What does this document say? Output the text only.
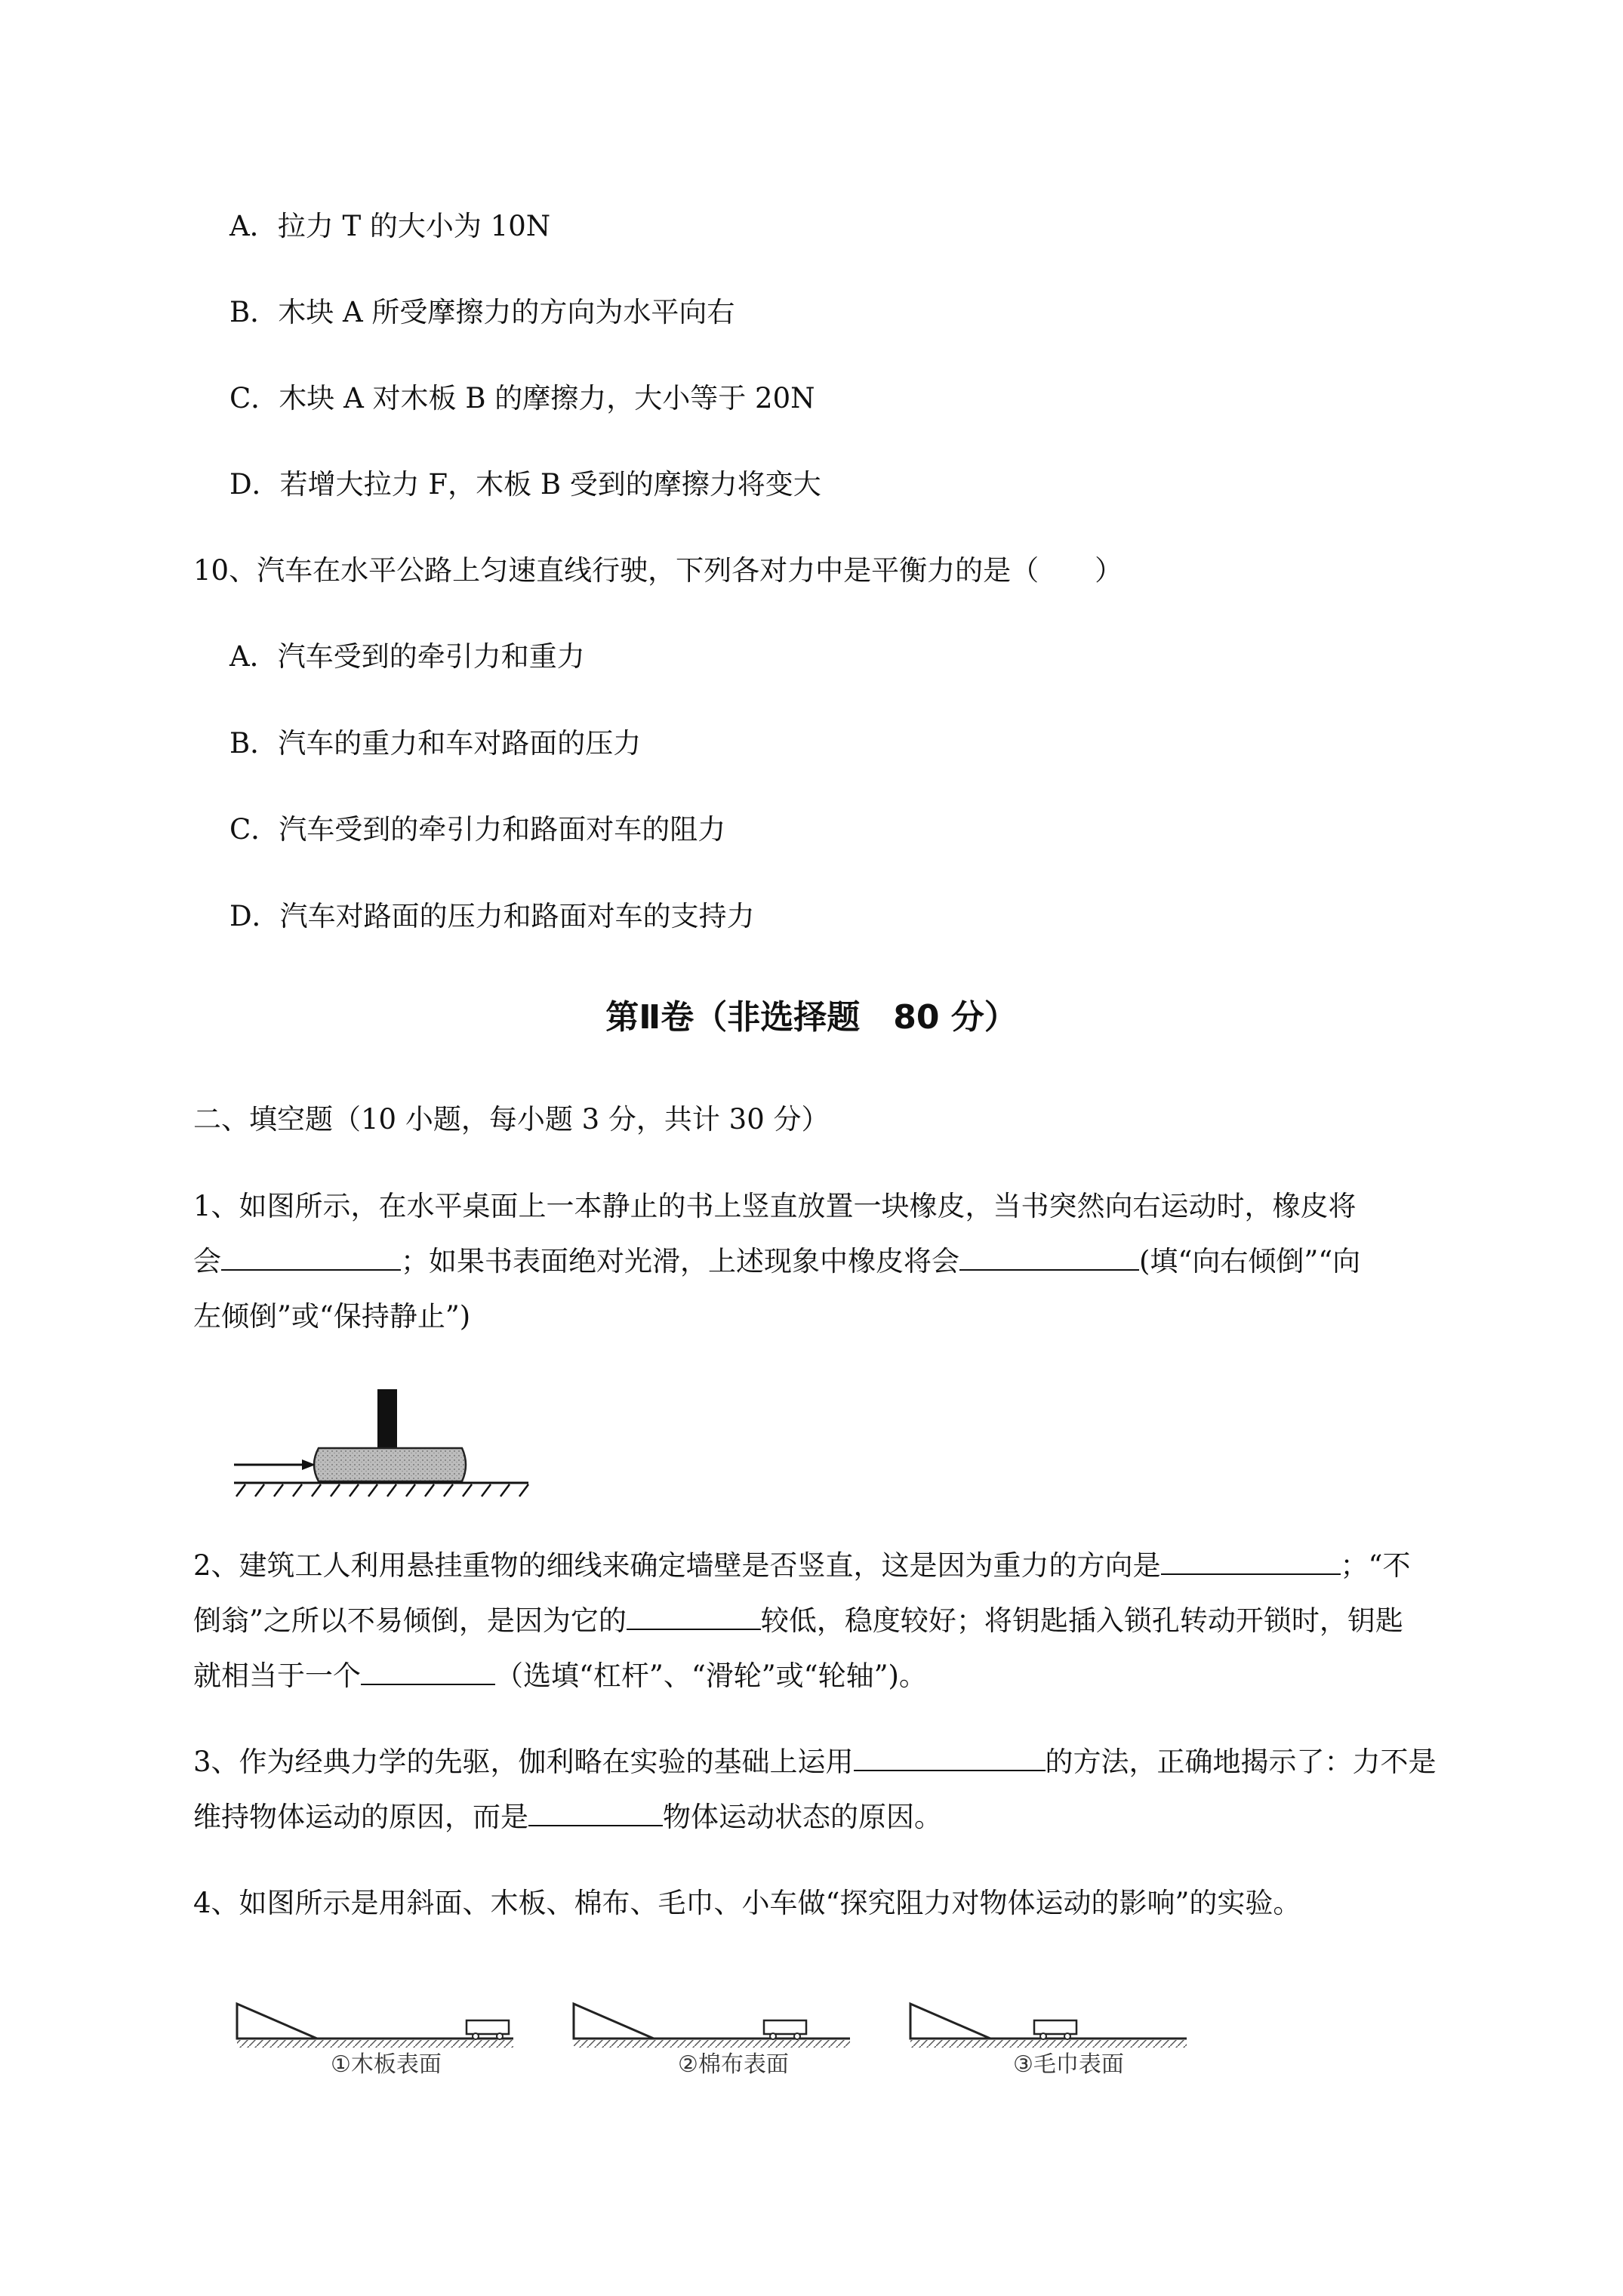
A．拉力 T 的大小为 10N
B．木块 A 所受摩擦力的方向为水平向右
C．木块 A 对木板 B 的摩擦力，大小等于 20N
D．若增大拉力 F，木板 B 受到的摩擦力将变大
10、汽车在水平公路上匀速直线行驶，下列各对力中是平衡力的是（　　）
A．汽车受到的牵引力和重力
B．汽车的重力和车对路面的压力
C．汽车受到的牵引力和路面对车的阻力
D．汽车对路面的压力和路面对车的支持力
第Ⅱ卷（非选择题　80 分）
二、填空题（10 小题，每小题 3 分，共计 30 分）
1、如图所示，在水平桌面上一本静止的书上竖直放置一块橡皮，当书突然向右运动时，橡皮将
会	；如果书表面绝对光滑，上述现象中橡皮将会	(填“向右倾倒”“向
左倾倒”或“保持静止”)
2、建筑工人利用悬挂重物的细线来确定墙壁是否竖直，这是因为重力的方向是	；“不
倒翁”之所以不易倾倒，是因为它的	较低，稳度较好；将钥匙插入锁孔转动开锁时，钥匙
就相当于一个	（选填“杠杆”、“滑轮”或“轮轴”)。
3、作为经典力学的先驱，伽利略在实验的基础上运用	的方法，正确地揭示了：力不是
维持物体运动的原因，而是	物体运动状态的原因。
4、如图所示是用斜面、木板、棉布、毛巾、小车做“探究阻力对物体运动的影响”的实验。
①木板表面	②棉布表面	③毛巾表面
